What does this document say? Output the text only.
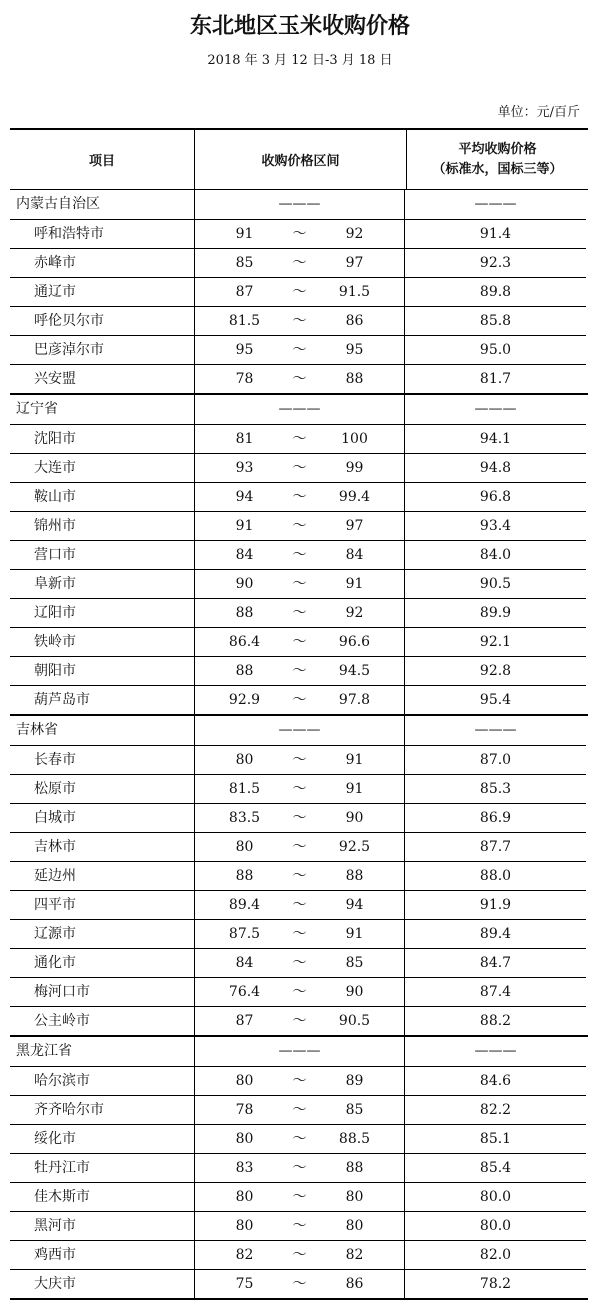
东北地区玉米收购价格
2018 年 3 月 12 日-3 月 18 日
单位：元/百斤
项目	收购价格区间
平均收购价格
（标准水，国标三等）
内蒙古自治区	———	———
呼和浩特市	91	～	92	91.4
赤峰市	85	～	97	92.3
通辽市	87	～	91.5	89.8
呼伦贝尔市	81.5	～	86	85.8
巴彦淖尔市	95	～	95	95.0
兴安盟	78	～	88	81.7
辽宁省	———	———
沈阳市	81	～	100	94.1
大连市	93	～	99	94.8
鞍山市	94	～	99.4	96.8
锦州市	91	～	97	93.4
营口市	84	～	84	84.0
阜新市	90	～	91	90.5
辽阳市	88	～	92	89.9
铁岭市	86.4	～	96.6	92.1
朝阳市	88	～	94.5	92.8
葫芦岛市	92.9	～	97.8	95.4
吉林省	———	———
长春市	80	～	91	87.0
松原市	81.5	～	91	85.3
白城市	83.5	～	90	86.9
吉林市	80	～	92.5	87.7
延边州	88	～	88	88.0
四平市	89.4	～	94	91.9
辽源市	87.5	～	91	89.4
通化市	84	～	85	84.7
梅河口市	76.4	～	90	87.4
公主岭市	87	～	90.5	88.2
黑龙江省	———	———
哈尔滨市	80	～	89	84.6
齐齐哈尔市	78	～	85	82.2
绥化市	80	～	88.5	85.1
牡丹江市	83	～	88	85.4
佳木斯市	80	～	80	80.0
黑河市	80	～	80	80.0
鸡西市	82	～	82	82.0
大庆市	75	～	86	78.2
